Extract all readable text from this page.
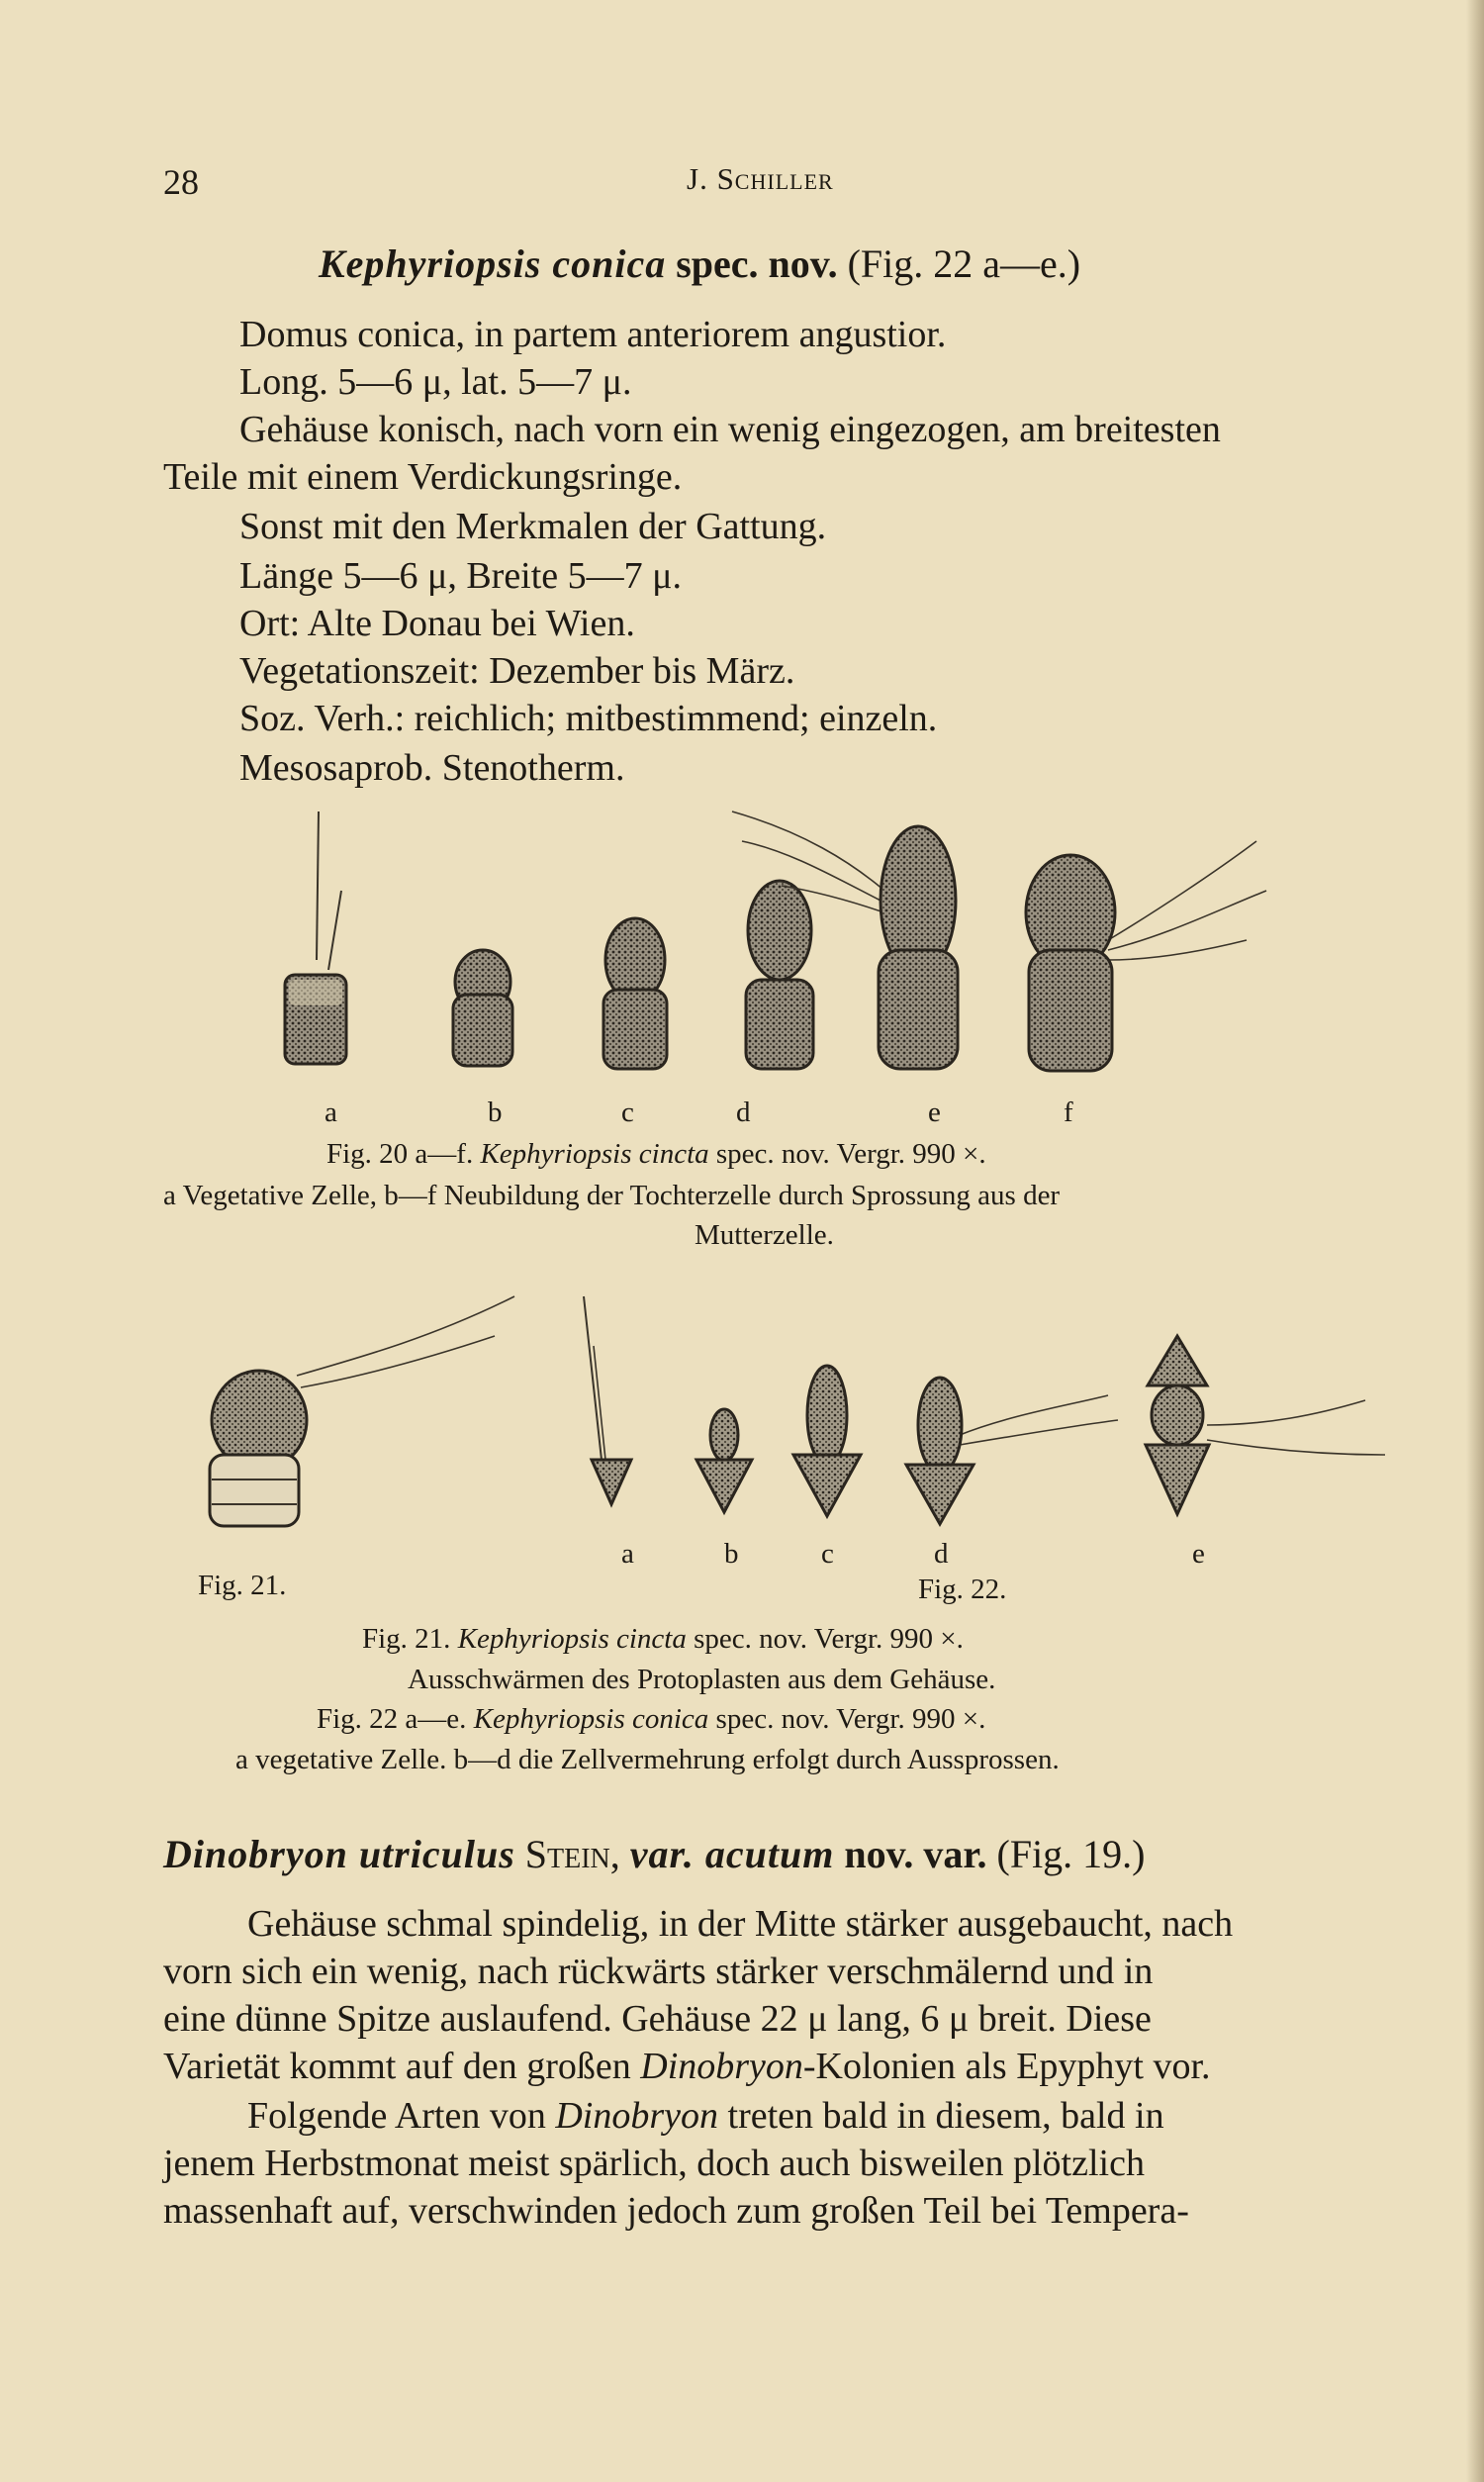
28	J. Schiller
Kephyriopsis conica spec. nov. (Fig. 22 a—e.)
Domus conica, in partem anteriorem angustior.
Long. 5—6 μ, lat. 5—7 μ.
Gehäuse konisch, nach vorn ein wenig eingezogen, am breitesten
Teile mit einem Verdickungsringe.
Sonst mit den Merkmalen der Gattung.
Länge 5—6 μ, Breite 5—7 μ.
Ort: Alte Donau bei Wien.
Vegetationszeit: Dezember bis März.
Soz. Verh.: reichlich; mitbestimmend; einzeln.
Mesosaprob. Stenotherm.
a	b	c	d	e	f
Fig. 20 a—f. Kephyriopsis cincta spec. nov. Vergr. 990 ×.
a Vegetative Zelle, b—f Neubildung der Tochterzelle durch Sprossung aus der
Mutterzelle.
a	b	c	d	e
Fig. 21.	Fig. 22.
Fig. 21. Kephyriopsis cincta spec. nov. Vergr. 990 ×.
Ausschwärmen des Protoplasten aus dem Gehäuse.
Fig. 22 a—e. Kephyriopsis conica spec. nov. Vergr. 990 ×.
a vegetative Zelle. b—d die Zellvermehrung erfolgt durch Aussprossen.
Dinobryon utriculus Stein, var. acutum nov. var. (Fig. 19.)
Gehäuse schmal spindelig, in der Mitte stärker ausgebaucht, nach
vorn sich ein wenig, nach rückwärts stärker verschmälernd und in
eine dünne Spitze auslaufend. Gehäuse 22 μ lang, 6 μ breit. Diese
Varietät kommt auf den großen Dinobryon-Kolonien als Epyphyt vor.
Folgende Arten von Dinobryon treten bald in diesem, bald in
jenem Herbstmonat meist spärlich, doch auch bisweilen plötzlich
massenhaft auf, verschwinden jedoch zum großen Teil bei Tempera-
